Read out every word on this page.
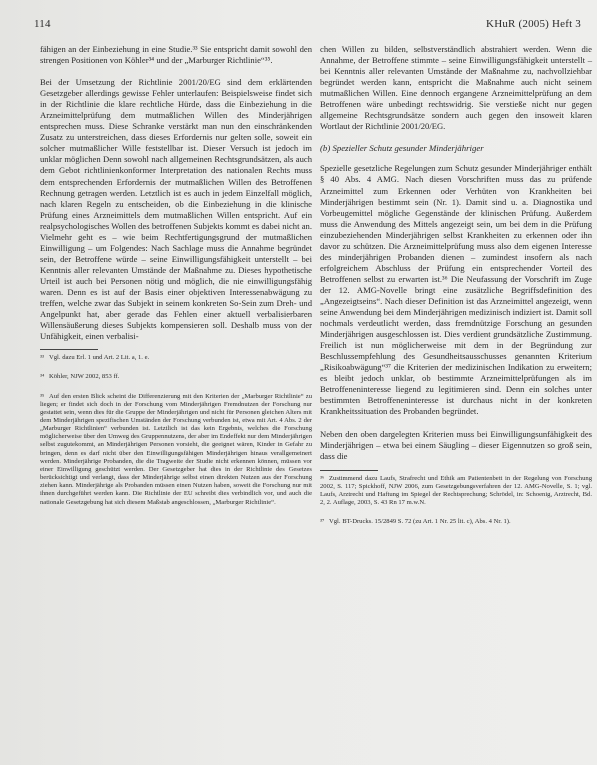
114	KHuR (2005) Heft 3

fähigen an der Einbeziehung in eine Studie.³³ Sie entspricht damit sowohl den strengen Positionen von Köhler³⁴ und der „Marburger Richtlinie“³⁵.

Bei der Umsetzung der Richtlinie 2001/20/EG sind dem erklärtenden Gesetzgeber allerdings gewisse Fehler unterlaufen: Beispielsweise findet sich in der Richtlinie die klare rechtliche Hürde, dass die Einbeziehung in die Arzneimittelprüfung dem mutmaßlichen Willen des Minderjährigen entsprechen muss. Diese Schranke verstärkt man nun den einschränkenden Zusatz zu unterstreichen, dass dieses Erfordernis nur gelten solle, soweit ein solcher mutmaßlicher Wille feststellbar ist. Dieser Versuch ist jedoch im unklar möglichen Denn sowohl nach allgemeinen Rechtsgrundsätzen, als auch dem Gebot richtlinienkonformer Interpretation des nationalen Rechts muss dem entsprechenden Erfordernis der mutmaßlichen Willen des Betroffenen Rechnung getragen werden. Letztlich ist es auch in jedem Einzelfall möglich, nach klaren Regeln zu entscheiden, ob die Einbeziehung in die klinische Prüfung eines Arzneimittels dem mutmaßlichen Willen entspricht. Auf ein realpsychologisches Wollen des betroffenen Subjekts kommt es dabei nicht an. Vielmehr geht es – wie beim Rechtfertigungsgrund der mutmaßlichen Einwilligung – um Folgendes: Nach Sachlage muss die Annahme begründet sein, der Betroffene würde – seine Einwilligungsfähigkeit unterstellt – bei Kenntnis aller relevanten Umstände der Maßnahme zu. Dieses hypothetische Urteil ist auch bei Personen nötig und möglich, die nie einwilligungsfähig waren. Denn es ist auf der Basis einer objektiven Interessenabwägung zu treffen, welche zwar das Subjekt in seinem konkreten So-Sein zum Dreh- und Angelpunkt hat, aber gerade das Fehlen einer aktuell verbalisierbaren Willensäußerung dieses Subjekts kompensieren soll. Deshalb muss von der Unfähigkeit, einen verbalisi-

³³ Vgl. dazu Erl. 1 und Art. 2 Lit. a, 1. e.

³⁴ Köhler, NJW 2002, 853 ff.

³⁵ Auf den ersten Blick scheint die Differenzierung mit den Kriterien der „Marburger Richtlinie“ zu liegen; er findet sich doch in der Forschung vom Minderjährigen Fremdnutzen der Forschung nur gestattet sein, wenn dies für die Gruppe der Minderjährigen und nicht für Personen gleichen Alters mit dem Minderjährigen spezifischen Umständen der Forschung verbunden ist, etwa mit Art. 4 Abs. 2 der „Marburger Richtlinien“ verbunden ist. Letztlich ist das kein Ergebnis, welches die Forschung möglicherweise über den Umweg des Gruppennutzens, der aber im Endeffekt nur dem Minderjährigen selbst zugutekommt, an Minderjährigen Personen vorsieht, die geeignet wären, Kinder in Gefahr zu bringen, denn es darf nicht über den Einwilligungsfähigen Minderjährigen hinaus verallgemeinert werden. Minderjährige Probanden, die die Tragweite der Studie nicht erkennen können, müssen vor einer Einwilligung geschützt werden. Der Gesetzgeber hat dies in der Richtlinie des Gesetzes berücksichtigt und verlangt, dass der Minderjährige selbst einen direkten Nutzen aus der Forschung ziehen kann. Minderjährige als Probanden müssen einen Nutzen haben, soweit die Forschung nur mit ihnen durchgeführt werden kann. Die Richtlinie der EU schreibt dies verbindlich vor, und auch die nationale Gesetzgebung hat sich diesem Maßstab angeschlossen, „Marburger Richtlinie“.

chen Willen zu bilden, selbstverständlich abstrahiert werden. Wenn die Annahme, der Betroffene stimmte – seine Einwilligungsfähigkeit unterstellt – bei Kenntnis aller relevanten Umstände der Maßnahme zu, nachvollziehbar begründet werden kann, entspricht die Maßnahme auch nicht seinem mutmaßlichen Willen. Eine dennoch ergangene Arzneimittelprüfung an dem Betroffenen wäre unbedingt rechtswidrig. Sie verstieße nicht nur gegen allgemeine Rechtsgrundsätze sondern auch gegen den insoweit klaren Wortlaut der Richtlinie 2001/20/EG.

(b) Spezieller Schutz gesunder Minderjähriger

Spezielle gesetzliche Regelungen zum Schutz gesunder Minderjähriger enthält § 40 Abs. 4 AMG. Nach diesen Vorschriften muss das zu prüfende Arzneimittel zum Erkennen oder Verhüten von Krankheiten bei Minderjährigen bestimmt sein (Nr. 1). Damit sind u. a. Diagnostika und Vorbeugemittel mögliche Gegenstände der klinischen Prüfung. Außerdem muss die Anwendung des Mittels angezeigt sein, um bei dem in die Prüfung einzubeziehenden Minderjährigen selbst Krankheiten zu erkennen oder ihn davor zu schützen. Die Arzneimittelprüfung muss also dem eigenen Interesse des minderjährigen Probanden dienen – zumindest insofern als nach erfolgreichem Abschluss der Prüfung ein entsprechender Vorteil des Betroffenen selbst zu erwarten ist.³⁶ Die Neufassung der Vorschrift im Zuge der 12. AMG-Novelle bringt eine zusätzliche Begriffsdefinition des „Angezeigtseins“. Nach dieser Definition ist das Arzneimittel angezeigt, wenn seine Anwendung bei dem Minderjährigen medizinisch indiziert ist. Damit soll nochmals verdeutlicht werden, dass fremdnützige Forschung an gesunden Minderjährigen ausgeschlossen ist. Dies verdient grundsätzliche Zustimmung. Freilich ist nun möglicherweise mit dem in der Begründung zur Beschlussempfehlung des Gesundheitsausschusses genannten Kriterium „Risikoabwägung“³⁷ die Kriterien der medizinischen Indikation zu erweitern; es bleibt jedoch unklar, ob bestimmte Arzneimittelprüfungen als im Betroffeneninteresse liegend zu legitimieren sind. Denn ein solches unter bestimmten Betroffeneninteresse ist durchaus nicht in der konkreten Krankheitssituation des Probanden begründet.

Neben den oben dargelegten Kriterien muss bei Einwilligungsunfähigkeit des Minderjährigen – etwa bei einem Säugling – dieser Eigennutzen so groß sein, dass die

³⁶ Zustimmend dazu Laufs, Strafrecht und Ethik am Patientenbett in der Regelung von Forschung 2002, S. 117; Spickhoff, NJW 2006, zum Gesetzgebungsverfahren der 12. AMG-Novelle, S. 1; vgl. Laufs, Arztrecht und Haftung im Spiegel der Rechtsprechung; Schrödel, in: Schoenig, Arztrecht, Bd. 2, 2. Auflage, 2003, S. 43 Rn 17 m.w.N.

³⁷ Vgl. BT-Drucks. 15/2849 S. 72 (zu Art. 1 Nr. 25 lit. c), Abs. 4 Nr. 1).
